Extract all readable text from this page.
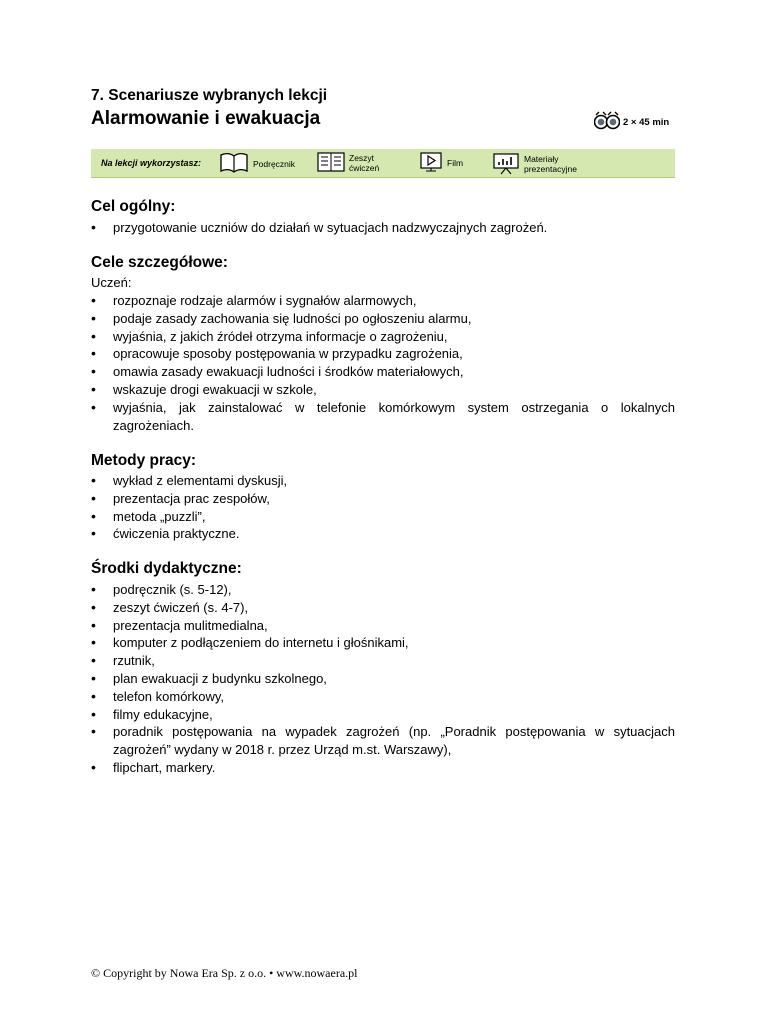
7. Scenariusze wybranych lekcji
Alarmowanie i ewakuacja	2 × 45 min
Na lekcji wykorzystasz:	Podręcznik
Zeszyt
ćwiczeń	Film	Materiały
prezentacyjne
Cel ogólny:
• przygotowanie uczniów do działań w sytuacjach nadzwyczajnych zagrożeń.
Cele szczegółowe:
Uczeń:
• rozpoznaje rodzaje alarmów i sygnałów alarmowych,
• podaje zasady zachowania się ludności po ogłoszeniu alarmu,
• wyjaśnia, z jakich źródeł otrzyma informacje o zagrożeniu,
• opracowuje sposoby postępowania w przypadku zagrożenia,
• omawia zasady ewakuacji ludności i środków materiałowych,
• wskazuje drogi ewakuacji w szkole,
• wyjaśnia, jak zainstalować w telefonie komórkowym system ostrzegania o lokalnych zagrożeniach.
Metody pracy:
• wykład z elementami dyskusji,
• prezentacja prac zespołów,
• metoda „puzzli”,
• ćwiczenia praktyczne.
Środki dydaktyczne:
• podręcznik (s. 5-12),
• zeszyt ćwiczeń (s. 4-7),
• prezentacja mulitmedialna,
• komputer z podłączeniem do internetu i głośnikami,
• rzutnik,
• plan ewakuacji z budynku szkolnego,
• telefon komórkowy,
• filmy edukacyjne,
• poradnik postępowania na wypadek zagrożeń (np. „Poradnik postępowania w sytuacjach zagrożeń” wydany w 2018 r. przez Urząd m.st. Warszawy),
• flipchart, markery.
© Copyright by Nowa Era Sp. z o.o. • www.nowaera.pl
